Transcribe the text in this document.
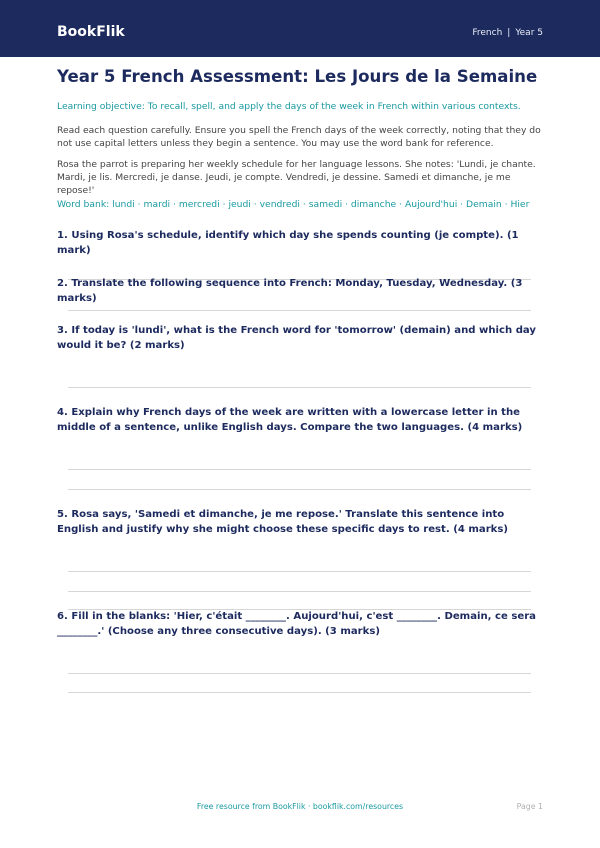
BookFlik	French | Year 5
Year 5 French Assessment: Les Jours de la Semaine
Learning objective: To recall, spell, and apply the days of the week in French within various contexts.
Read each question carefully. Ensure you spell the French days of the week correctly, noting that they do not use capital letters unless they begin a sentence. You may use the word bank for reference.
Rosa the parrot is preparing her weekly schedule for her language lessons. She notes: 'Lundi, je chante. Mardi, je lis. Mercredi, je danse. Jeudi, je compte. Vendredi, je dessine. Samedi et dimanche, je me repose!'
Word bank: lundi · mardi · mercredi · jeudi · vendredi · samedi · dimanche · Aujourd'hui · Demain · Hier
1. Using Rosa's schedule, identify which day she spends counting (je compte). (1 mark)
2. Translate the following sequence into French: Monday, Tuesday, Wednesday. (3 marks)
3. If today is 'lundi', what is the French word for 'tomorrow' (demain) and which day would it be? (2 marks)
4. Explain why French days of the week are written with a lowercase letter in the middle of a sentence, unlike English days. Compare the two languages. (4 marks)
5. Rosa says, 'Samedi et dimanche, je me repose.' Translate this sentence into English and justify why she might choose these specific days to rest. (4 marks)
6. Fill in the blanks: 'Hier, c'était ________. Aujourd'hui, c'est ________. Demain, ce sera ________.' (Choose any three consecutive days). (3 marks)
Free resource from BookFlik · bookflik.com/resources	Page 1
